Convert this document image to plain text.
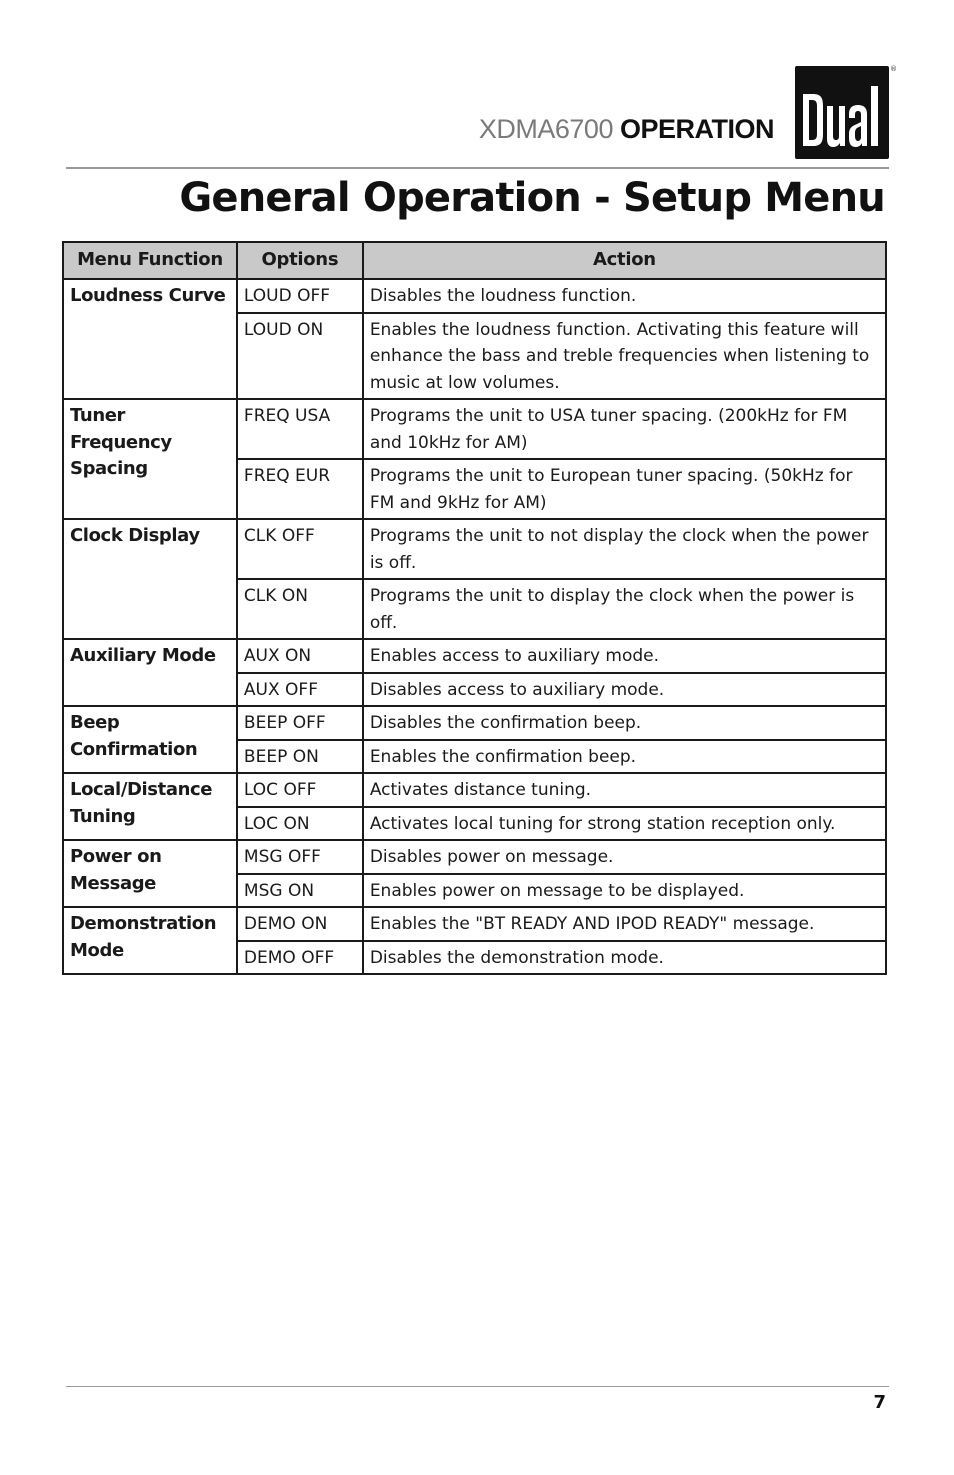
XDMA6700 OPERATION
®
General Operation - Setup Menu
Menu Function	Options	Action
Loudness Curve	LOUD OFF	Disables the loudness function.
	LOUD ON	Enables the loudness function. Activating this feature will enhance the bass and treble frequencies when listening to music at low volumes.
Tuner Frequency Spacing	FREQ USA	Programs the unit to USA tuner spacing. (200kHz for FM and 10kHz for AM)
	FREQ EUR	Programs the unit to European tuner spacing. (50kHz for FM and 9kHz for AM)
Clock Display	CLK OFF	Programs the unit to not display the clock when the power is off.
	CLK ON	Programs the unit to display the clock when the power is off.
Auxiliary Mode	AUX ON	Enables access to auxiliary mode.
	AUX OFF	Disables access to auxiliary mode.
Beep Confirmation	BEEP OFF	Disables the confirmation beep.
	BEEP ON	Enables the confirmation beep.
Local/Distance Tuning	LOC OFF	Activates distance tuning.
	LOC ON	Activates local tuning for strong station reception only.
Power on Message	MSG OFF	Disables power on message.
	MSG ON	Enables power on message to be displayed.
Demonstration Mode	DEMO ON	Enables the "BT READY AND IPOD READY" message.
	DEMO OFF	Disables the demonstration mode.
7
